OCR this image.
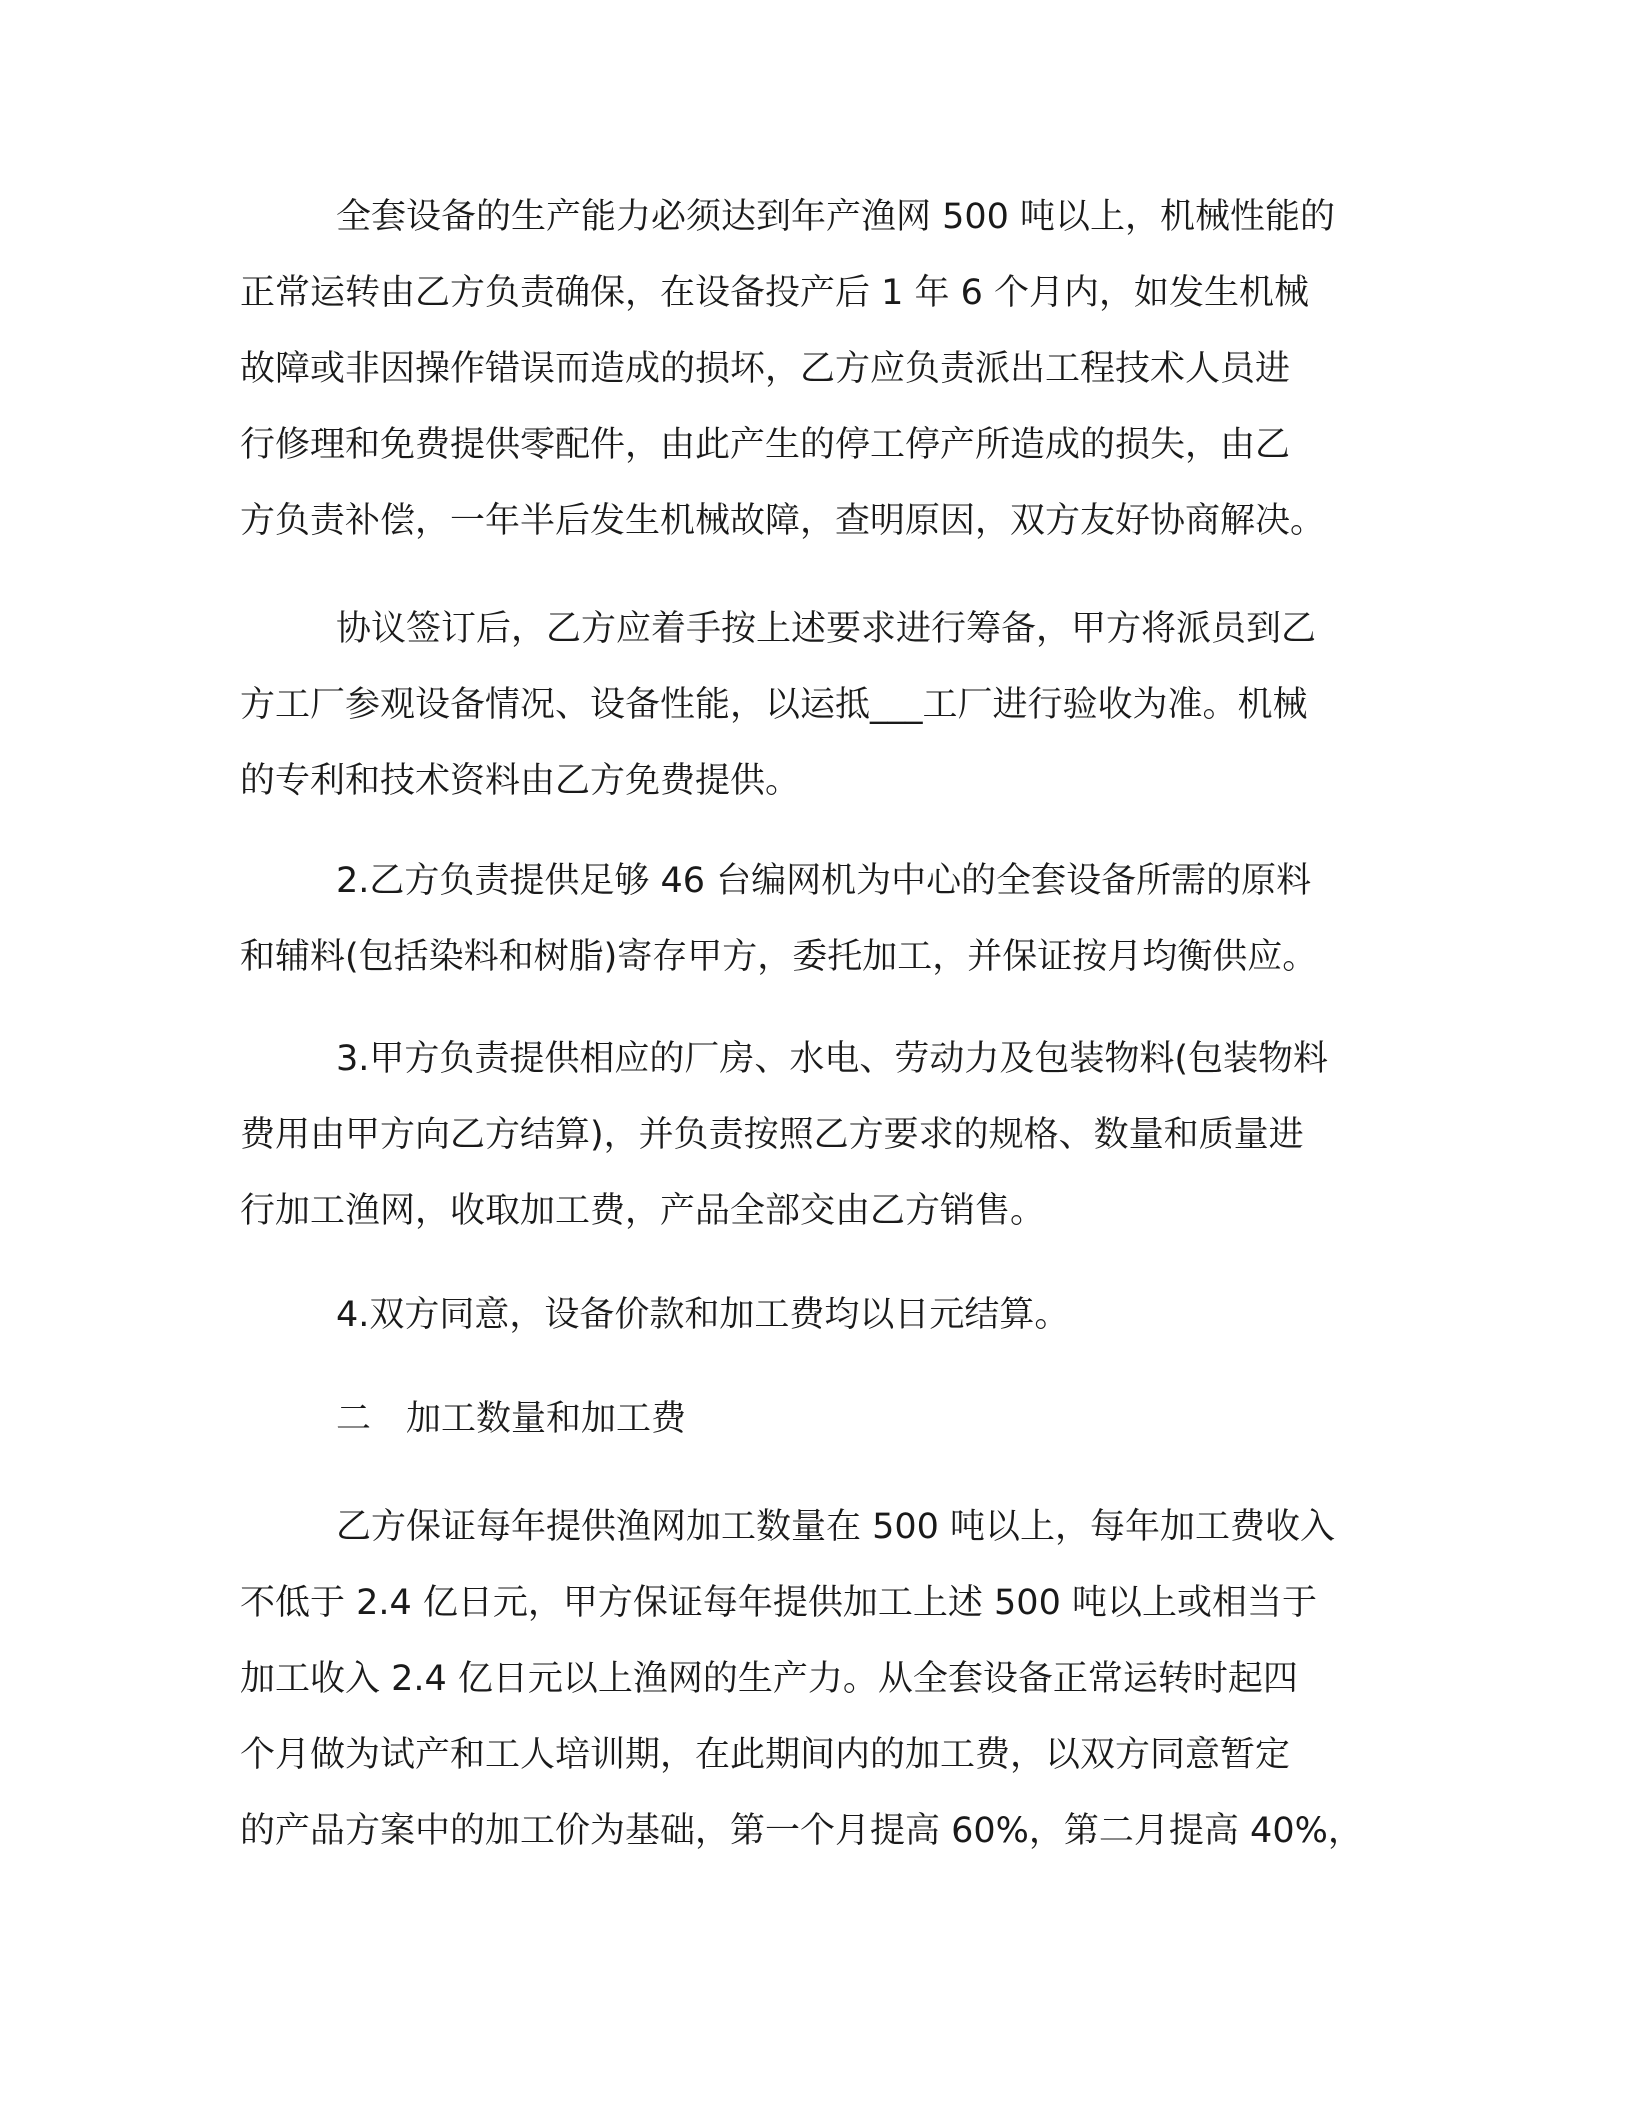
全套设备的生产能力必须达到年产渔网 500 吨以上，机械性能的
正常运转由乙方负责确保，在设备投产后 1 年 6 个月内，如发生机械
故障或非因操作错误而造成的损坏，乙方应负责派出工程技术人员进
行修理和免费提供零配件，由此产生的停工停产所造成的损失，由乙
方负责补偿，一年半后发生机械故障，查明原因，双方友好协商解决。
协议签订后，乙方应着手按上述要求进行筹备，甲方将派员到乙
方工厂参观设备情况、设备性能，以运抵___工厂进行验收为准。机械
的专利和技术资料由乙方免费提供。
2.乙方负责提供足够 46 台编网机为中心的全套设备所需的原料
和辅料(包括染料和树脂)寄存甲方，委托加工，并保证按月均衡供应。
3.甲方负责提供相应的厂房、水电、劳动力及包装物料(包装物料
费用由甲方向乙方结算)，并负责按照乙方要求的规格、数量和质量进
行加工渔网，收取加工费，产品全部交由乙方销售。
4.双方同意，设备价款和加工费均以日元结算。
二　加工数量和加工费
乙方保证每年提供渔网加工数量在 500 吨以上，每年加工费收入
不低于 2.4 亿日元，甲方保证每年提供加工上述 500 吨以上或相当于
加工收入 2.4 亿日元以上渔网的生产力。从全套设备正常运转时起四
个月做为试产和工人培训期，在此期间内的加工费，以双方同意暂定
的产品方案中的加工价为基础，第一个月提高 60%，第二月提高 40%，
